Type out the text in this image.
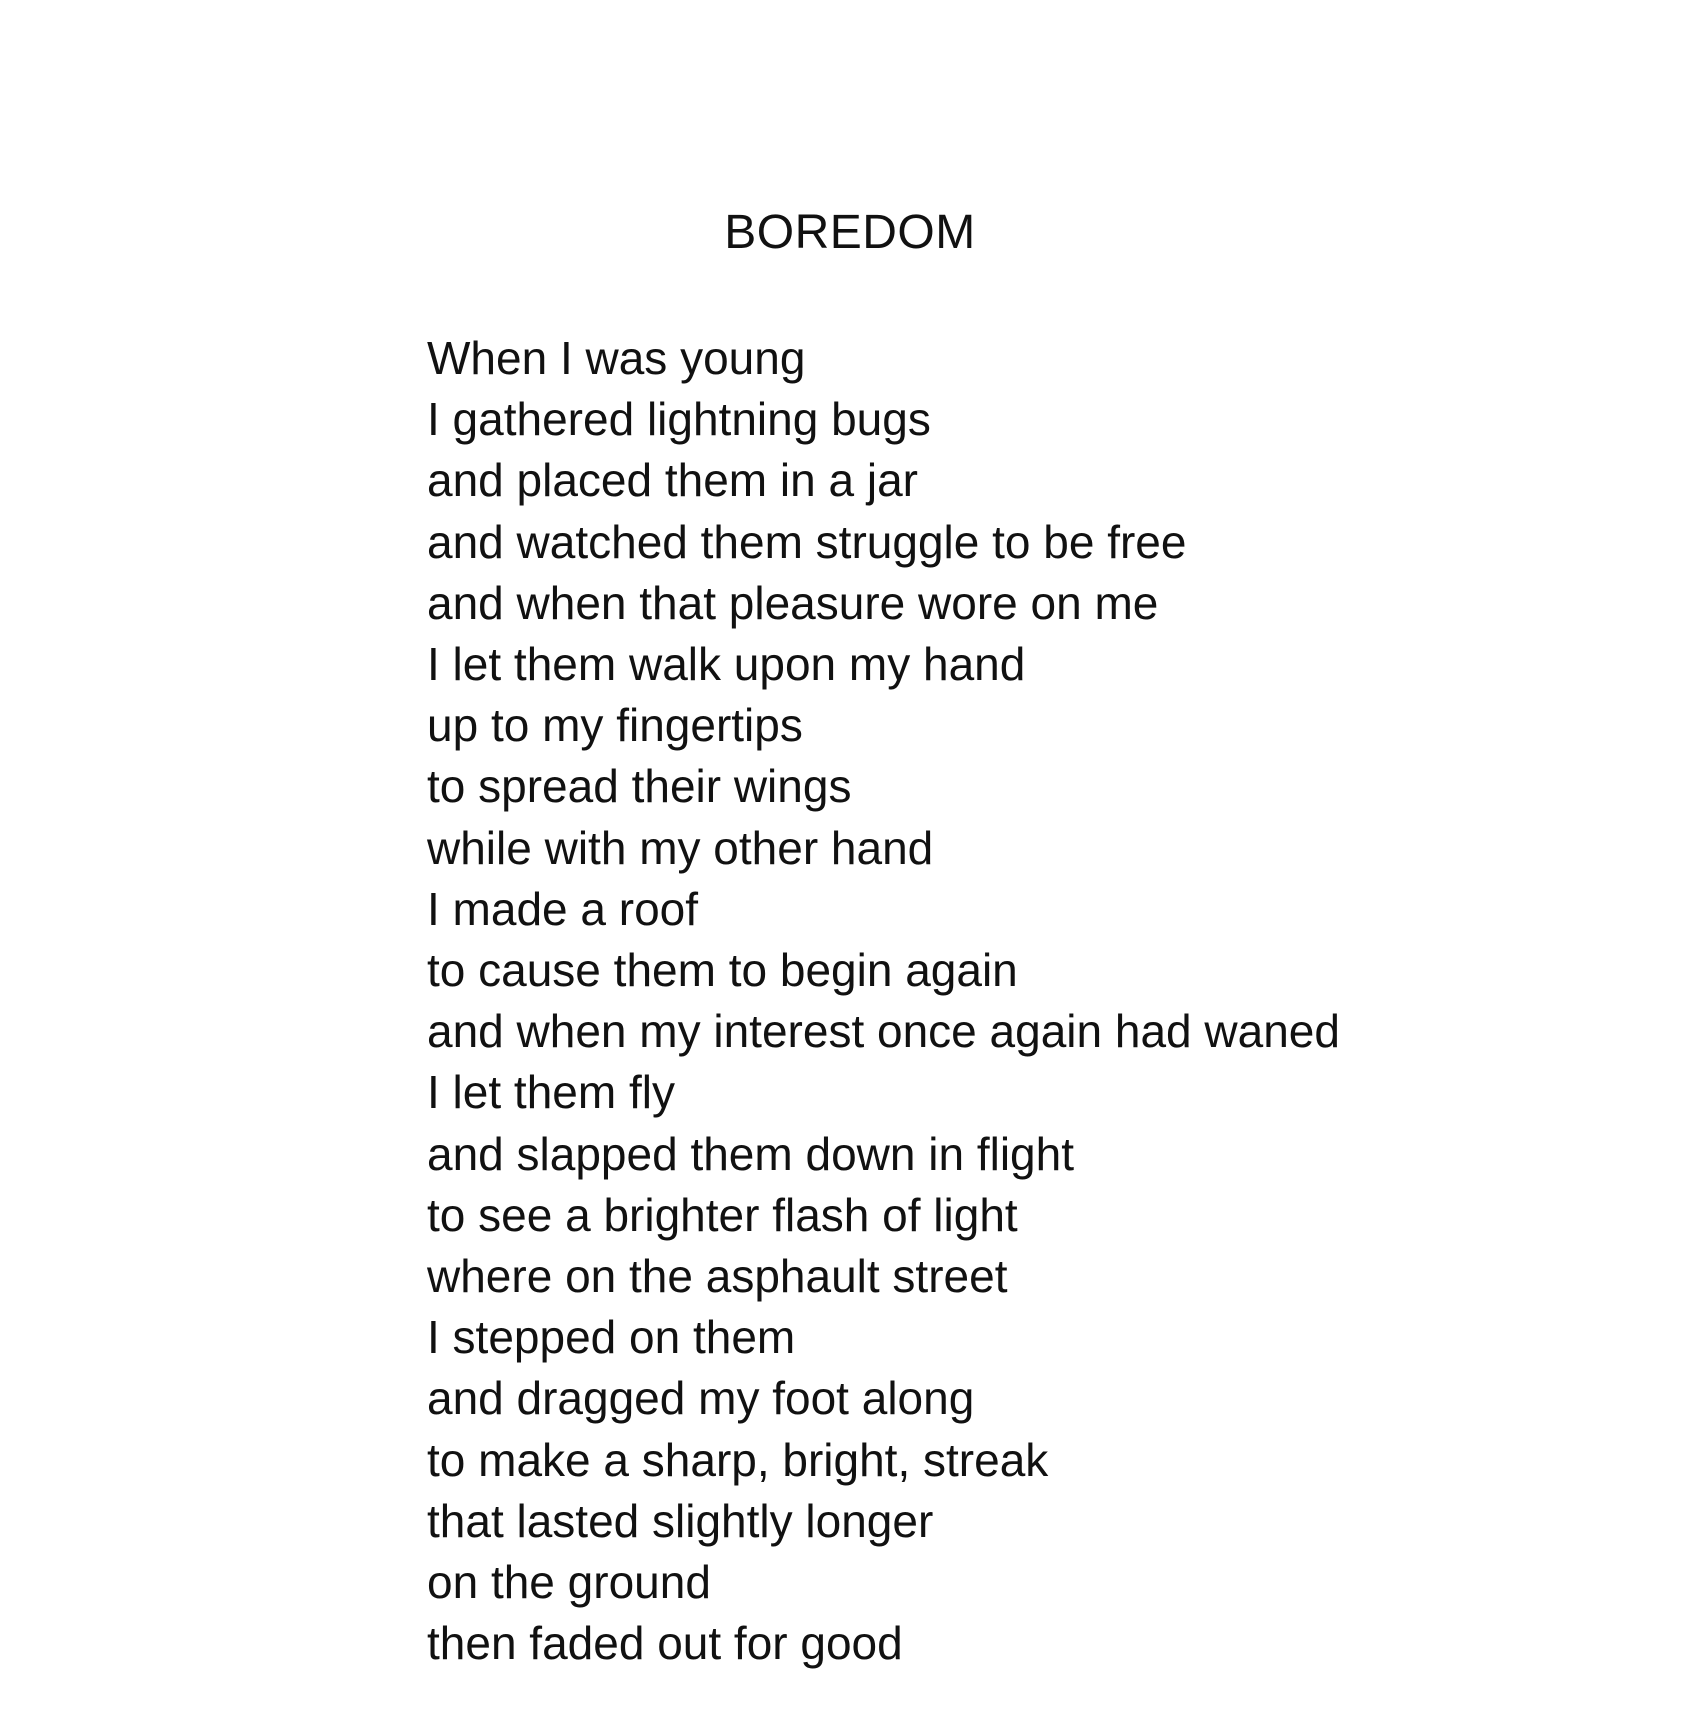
BOREDOM
When I was young
I gathered lightning bugs
and placed them in a jar
and watched them struggle to be free
and when that pleasure wore on me
I let them walk upon my hand
up to my fingertips
to spread their wings
while with my other hand
I made a roof
to cause them to begin again
and when my interest once again had waned
I let them fly
and slapped them down in flight
to see a brighter flash of light
where on the asphault street
I stepped on them
and dragged my foot along
to make a sharp, bright, streak
that lasted slightly longer
on the ground
then faded out for good
